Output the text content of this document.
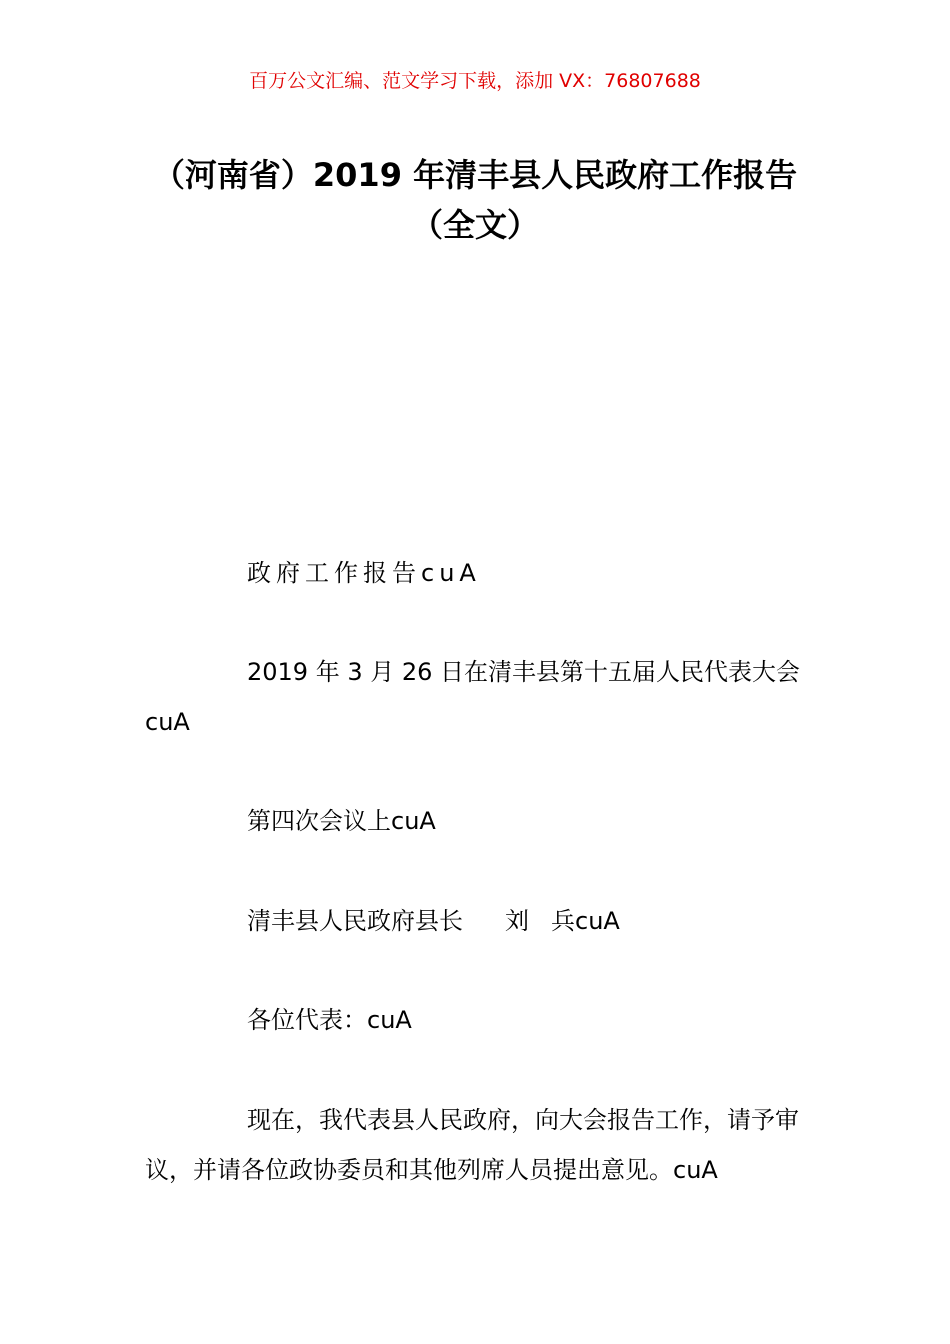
百万公文汇编、范文学习下载，添加 VX：76807688
（河南省）2019 年清丰县人民政府工作报告（全文）

政府工作报告cuA

2019 年 3 月 26 日在清丰县第十五届人民代表大会cuA

第四次会议上cuA

清丰县人民政府县长 刘 兵cuA

各位代表：cuA

现在，我代表县人民政府，向大会报告工作，请予审议，并请各位政协委员和其他列席人员提出意见。cuA
